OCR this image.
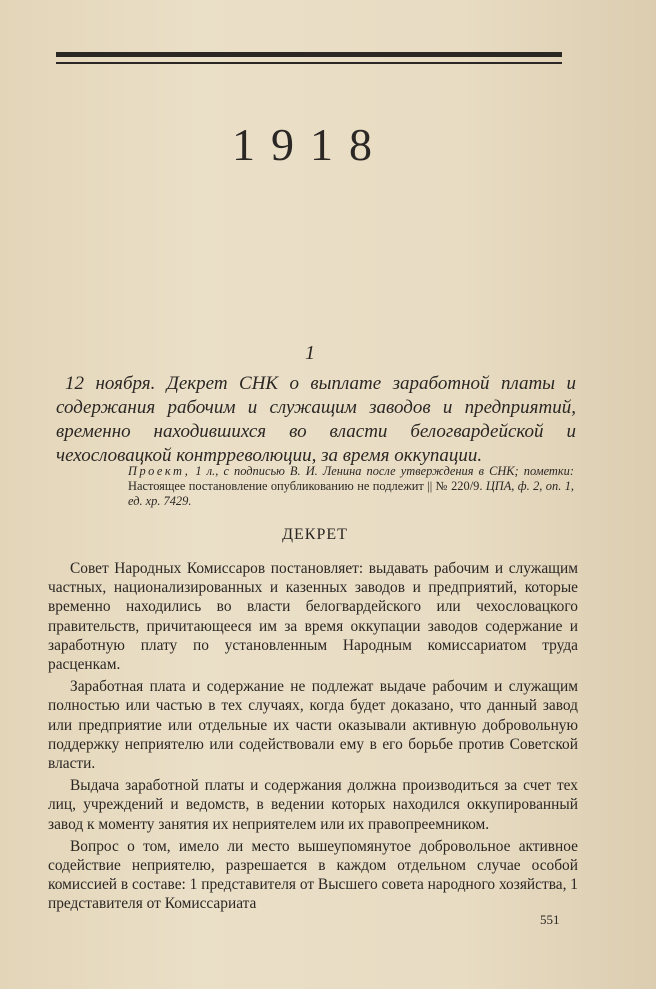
1918
1
12 ноября. Декрет СНК о выплате заработной платы и содержания рабочим и служащим заводов и предприятий, временно находившихся во власти белогвардейской и чехословацкой контрреволюции, за время оккупации.
Проект, 1 л., с подписью В. И. Ленина после утверждения в СНК; пометки: Настоящее постановление опубликованию не подлежит || № 220/9. ЦПА, ф. 2, оп. 1, ед. хр. 7429.
ДЕКРЕТ

Совет Народных Комиссаров постановляет: выдавать рабочим и служащим частных, национализированных и казенных заводов и предприятий, которые временно находились во власти белогвардейского или чехословацкого правительств, причитающееся им за время оккупации заводов содержание и заработную плату по установленным Народным комиссариатом труда расценкам.

Заработная плата и содержание не подлежат выдаче рабочим и служащим полностью или частью в тех случаях, когда будет доказано, что данный завод или предприятие или отдельные их части оказывали активную добровольную поддержку неприятелю или содействовали ему в его борьбе против Советской власти.

Выдача заработной платы и содержания должна производиться за счет тех лиц, учреждений и ведомств, в ведении которых находился оккупированный завод к моменту занятия их неприятелем или их правопреемником.

Вопрос о том, имело ли место вышеупомянутое добровольное активное содействие неприятелю, разрешается в каждом отдельном случае особой комиссией в составе: 1 представителя от Высшего совета народного хозяйства, 1 представителя от Комиссариата

551
